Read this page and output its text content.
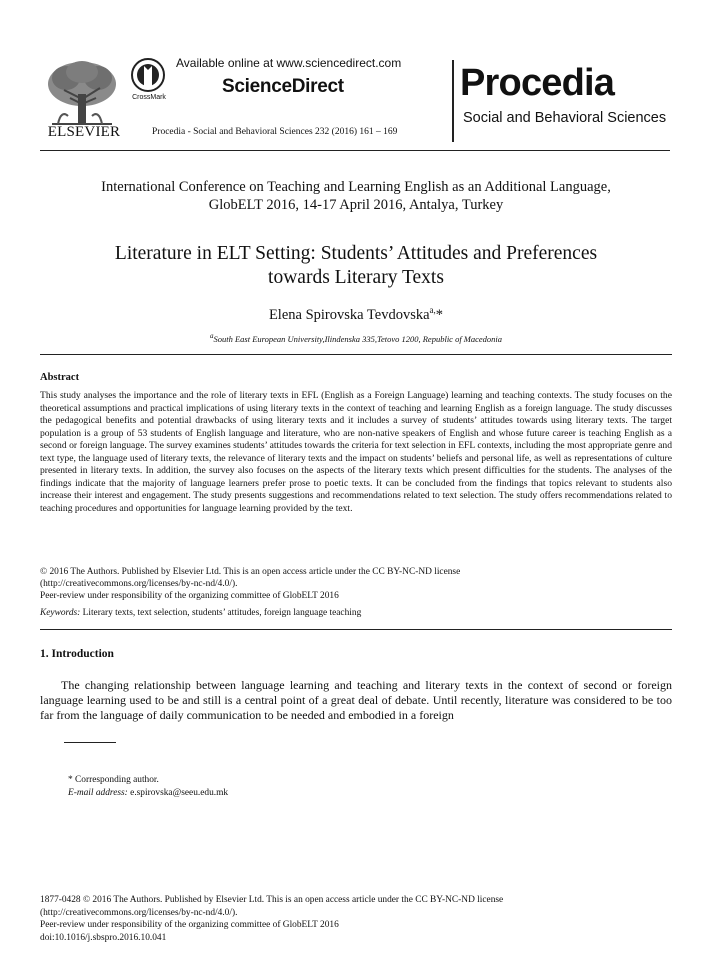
ELSEVIER
CrossMark
Available online at www.sciencedirect.com
ScienceDirect
Procedia - Social and Behavioral Sciences 232 (2016) 161 – 169
Procedia
Social and Behavioral Sciences
International Conference on Teaching and Learning English as an Additional Language,
GlobELT 2016, 14-17 April 2016, Antalya, Turkey
Literature in ELT Setting: Students’ Attitudes and Preferences
towards Literary Texts
Elena Spirovska Tevdovska$^{a,}$*
$^a$South East European University,Ilindenska 335,Tetovo 1200, Republic of Macedonia
Abstract
This study analyses the importance and the role of literary texts in EFL (English as a Foreign Language) learning and teaching contexts. The study focuses on the theoretical assumptions and practical implications of using literary texts in the context of teaching and learning English as a foreign language. The study discusses the pedagogical benefits and potential drawbacks of using literary texts and it includes a survey of students’ attitudes towards using literary texts. The target population is a group of 53 students of English language and literature, who are non-native speakers of English and whose future career is teaching English as a second or foreign language. The survey examines students’ attitudes towards the criteria for text selection in EFL contexts, including the most appropriate genre and text type, the language used of literary texts, the relevance of literary texts and the impact on students’ beliefs and personal life, as well as representations of culture presented in literary texts. In addition, the survey also focuses on the aspects of the literary texts which present difficulties for the students. The analyses of the findings indicate that the majority of language learners prefer prose to poetic texts. It can be concluded from the findings that topics relevant to students also increase their interest and engagement. The study presents suggestions and recommendations related to text selection. The study offers recommendations related to teaching procedures and opportunities for language learning provided by the text.
© 2016 The Authors. Published by Elsevier Ltd. This is an open access article under the CC BY-NC-ND license
(http://creativecommons.org/licenses/by-nc-nd/4.0/).
Peer-review under responsibility of the organizing committee of GlobELT 2016
Keywords: Literary texts, text selection, students’ attitudes, foreign language teaching
1. Introduction
The changing relationship between language learning and teaching and literary texts in the context of second or foreign language learning used to be and still is a central point of a great deal of debate. Until recently, literature was considered to be too far from the language of daily communication to be needed and embodied in a foreign
* Corresponding author.
E-mail address: e.spirovska@seeu.edu.mk
1877-0428 © 2016 The Authors. Published by Elsevier Ltd. This is an open access article under the CC BY-NC-ND license
(http://creativecommons.org/licenses/by-nc-nd/4.0/).
Peer-review under responsibility of the organizing committee of GlobELT 2016
doi:10.1016/j.sbspro.2016.10.041
